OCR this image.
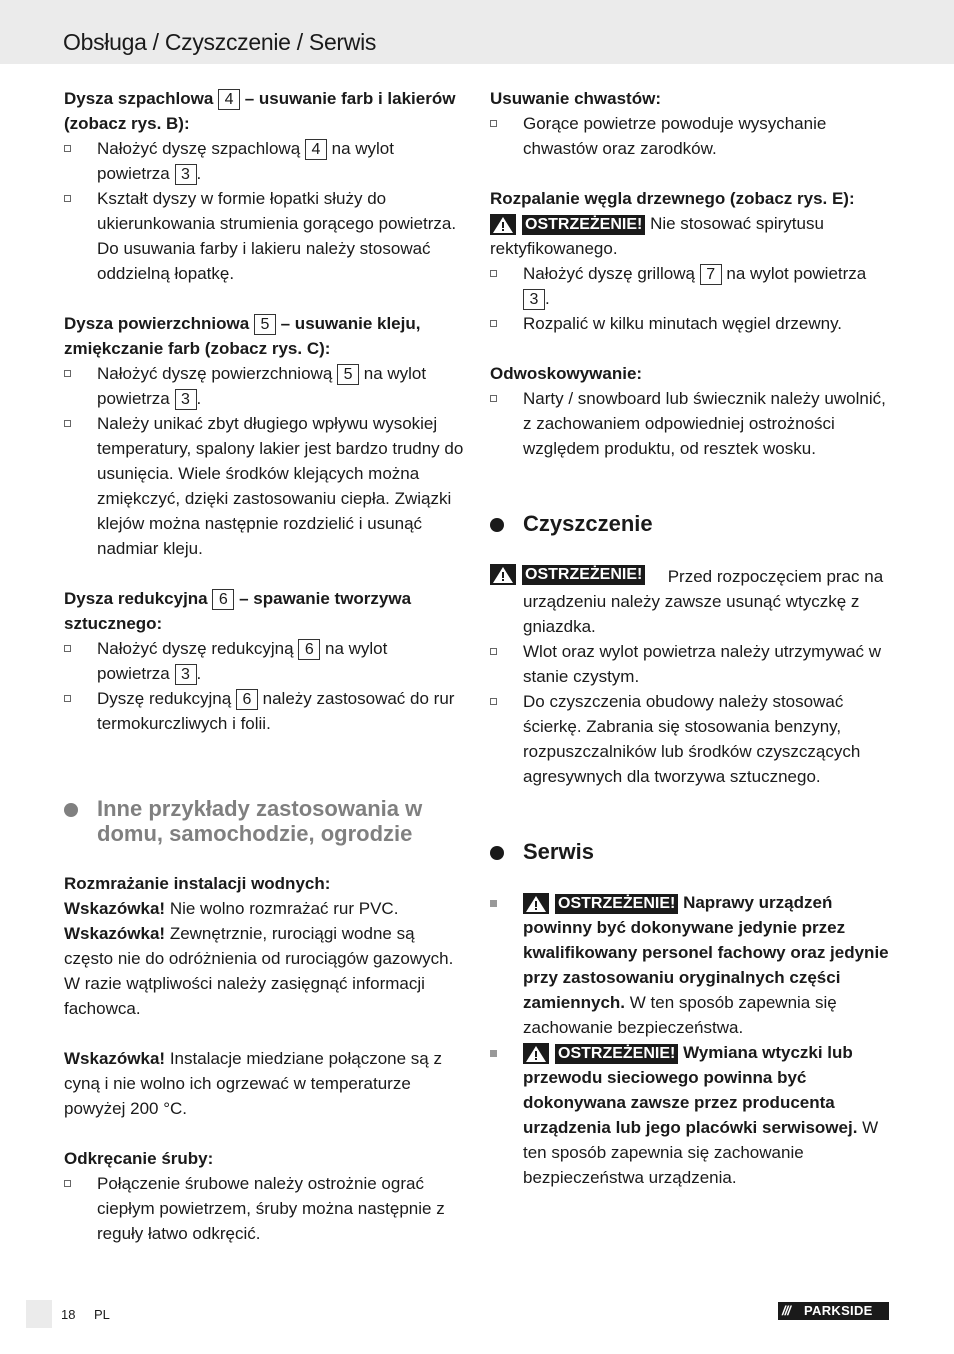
Obsługa / Czyszczenie / Serwis

Dysza szpachlowa 4 – usuwanie farb i lakierów (zobacz rys. B):

Nałożyć dyszę szpachlową 4 na wylot powietrza 3 .
Kształt dyszy w formie łopatki służy do ukierunkowania strumienia gorącego powietrza. Do usuwania farby i lakieru należy stosować oddzielną łopatkę.

Dysza powierzchniowa 5 – usuwanie kleju, zmiękczanie farb (zobacz rys. C):

Nałożyć dyszę powierzchniową 5 na wylot powietrza 3 .
Należy unikać zbyt długiego wpływu wysokiej temperatury, spalony lakier jest bardzo trudny do usunięcia. Wiele środków klejących można zmiękczyć, dzięki zastosowaniu ciepła. Związki klejów można następnie rozdzielić i usunąć nadmiar kleju.

Dysza redukcyjna 6 – spawanie tworzywa sztucznego:

Nałożyć dyszę redukcyjną 6 na wylot powietrza 3 .
Dyszę redukcyjną 6 należy zastosować do rur termokurczliwych i folii.
Inne przykłady zastosowania w domu, samochodzie, ogrodzie

Rozmrażanie instalacji wodnych:

Wskazówka! Nie wolno rozmrażać rur PVC.

Wskazówka! Zewnętrznie, rurociągi wodne są często nie do odróżnienia od rurociągów gazowych. W razie wątpliwości należy zasięgnąć informacji fachowca.

Wskazówka! Instalacje miedziane połączone są z cyną i nie wolno ich ogrzewać w temperaturze powyżej 200 °C.

Odkręcanie śruby:

Połączenie śrubowe należy ostrożnie ograć ciepłym powietrzem, śruby można następnie z reguły łatwo odkręcić.

Usuwanie chwastów:

Gorące powietrze powoduje wysychanie chwastów oraz zarodków.

Rozpalanie węgla drzewnego (zobacz rys. E):

OSTRZEŻENIE! Nie stosować spirytusu rektyfikowanego.

Nałożyć dyszę grillową 7 na wylot powietrza 3 .
Rozpalić w kilku minutach węgiel drzewny.

Odwoskowywanie:

Narty / snowboard lub świecznik należy uwolnić, z zachowaniem odpowiedniej ostrożności względem produktu, od resztek wosku.
Czyszczenie
OSTRZEŻENIE! Przed rozpoczęciem prac na urządzeniu należy zawsze usunąć wtyczkę z gniazdka.
Wlot oraz wylot powietrza należy utrzymywać w stanie czystym.
Do czyszczenia obudowy należy stosować ścierkę. Zabrania się stosowania benzyny, rozpuszczalników lub środków czyszczących agresywnych dla tworzywa sztucznego.
Serwis
OSTRZEŻENIE! Naprawy urządzeń powinny być dokonywane jedynie przez kwalifikowany personel fachowy oraz jedynie przy zastosowaniu oryginalnych części zamiennych. W ten sposób zapewnia się zachowanie bezpieczeństwa.
OSTRZEŻENIE! Wymiana wtyczki lub przewodu sieciowego powinna być dokonywana zawsze przez producenta urządzenia lub jego placówki serwisowej. W ten sposób zapewnia się zachowanie bezpieczeństwa urządzenia.
18 PL	/// PARKSIDE
